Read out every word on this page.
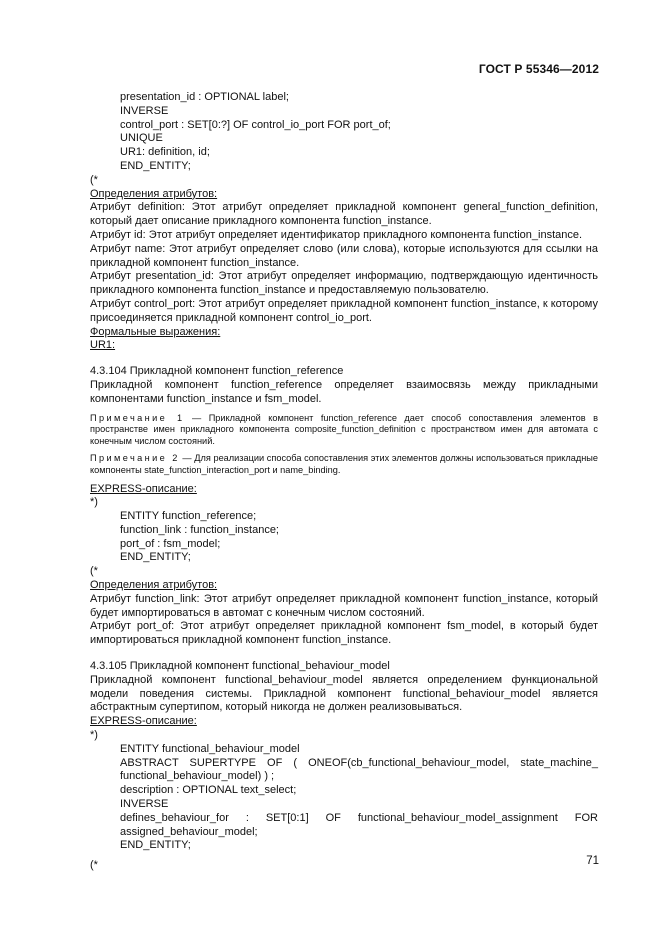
ГОСТ Р 55346—2012
presentation_id : OPTIONAL label;
INVERSE
control_port : SET[0:?] OF control_io_port FOR port_of;
UNIQUE
UR1: definition, id;
END_ENTITY;
(*
Определения атрибутов:
Атрибут definition: Этот атрибут определяет прикладной компонент general_function_definition, который дает описание прикладного компонента function_instance.
Атрибут id: Этот атрибут определяет идентификатор прикладного компонента function_instance.
Атрибут name: Этот атрибут определяет слово (или слова), которые используются для ссылки на прикладной компонент function_instance.
Атрибут presentation_id: Этот атрибут определяет информацию, подтверждающую идентичность прикладного компонента function_instance и предоставляемую пользователю.
Атрибут control_port: Этот атрибут определяет прикладной компонент function_instance, к которому присоединяется прикладной компонент control_io_port.
Формальные выражения:
UR1:
4.3.104 Прикладной компонент function_reference
Прикладной компонент function_reference определяет взаимосвязь между прикладными компонентами function_instance и fsm_model.
Примечание 1 — Прикладной компонент function_reference дает способ сопоставления элементов в пространстве имен прикладного компонента composite_function_definition с пространством имен для автомата с конечным числом состояний.
Примечание 2 — Для реализации способа сопоставления этих элементов должны использоваться прикладные компоненты state_function_interaction_port и name_binding.
EXPRESS-описание:
*)
ENTITY function_reference;
function_link : function_instance;
port_of : fsm_model;
END_ENTITY;
(*
Определения атрибутов:
Атрибут function_link: Этот атрибут определяет прикладной компонент function_instance, который будет импортироваться в автомат с конечным числом состояний.
Атрибут port_of: Этот атрибут определяет прикладной компонент fsm_model, в который будет импортироваться прикладной компонент function_instance.
4.3.105 Прикладной компонент functional_behaviour_model
Прикладной компонент functional_behaviour_model является определением функциональной модели поведения системы. Прикладной компонент functional_behaviour_model является абстрактным супертипом, который никогда не должен реализовываться.
EXPRESS-описание:
*)
ENTITY functional_behaviour_model
ABSTRACT SUPERTYPE OF ( ONEOF(cb_functional_behaviour_model, state_machine_ functional_behaviour_model) ) ;
description : OPTIONAL text_select;
INVERSE
defines_behaviour_for : SET[0:1] OF functional_behaviour_model_assignment FOR assigned_behaviour_model;
END_ENTITY;
(*	71
